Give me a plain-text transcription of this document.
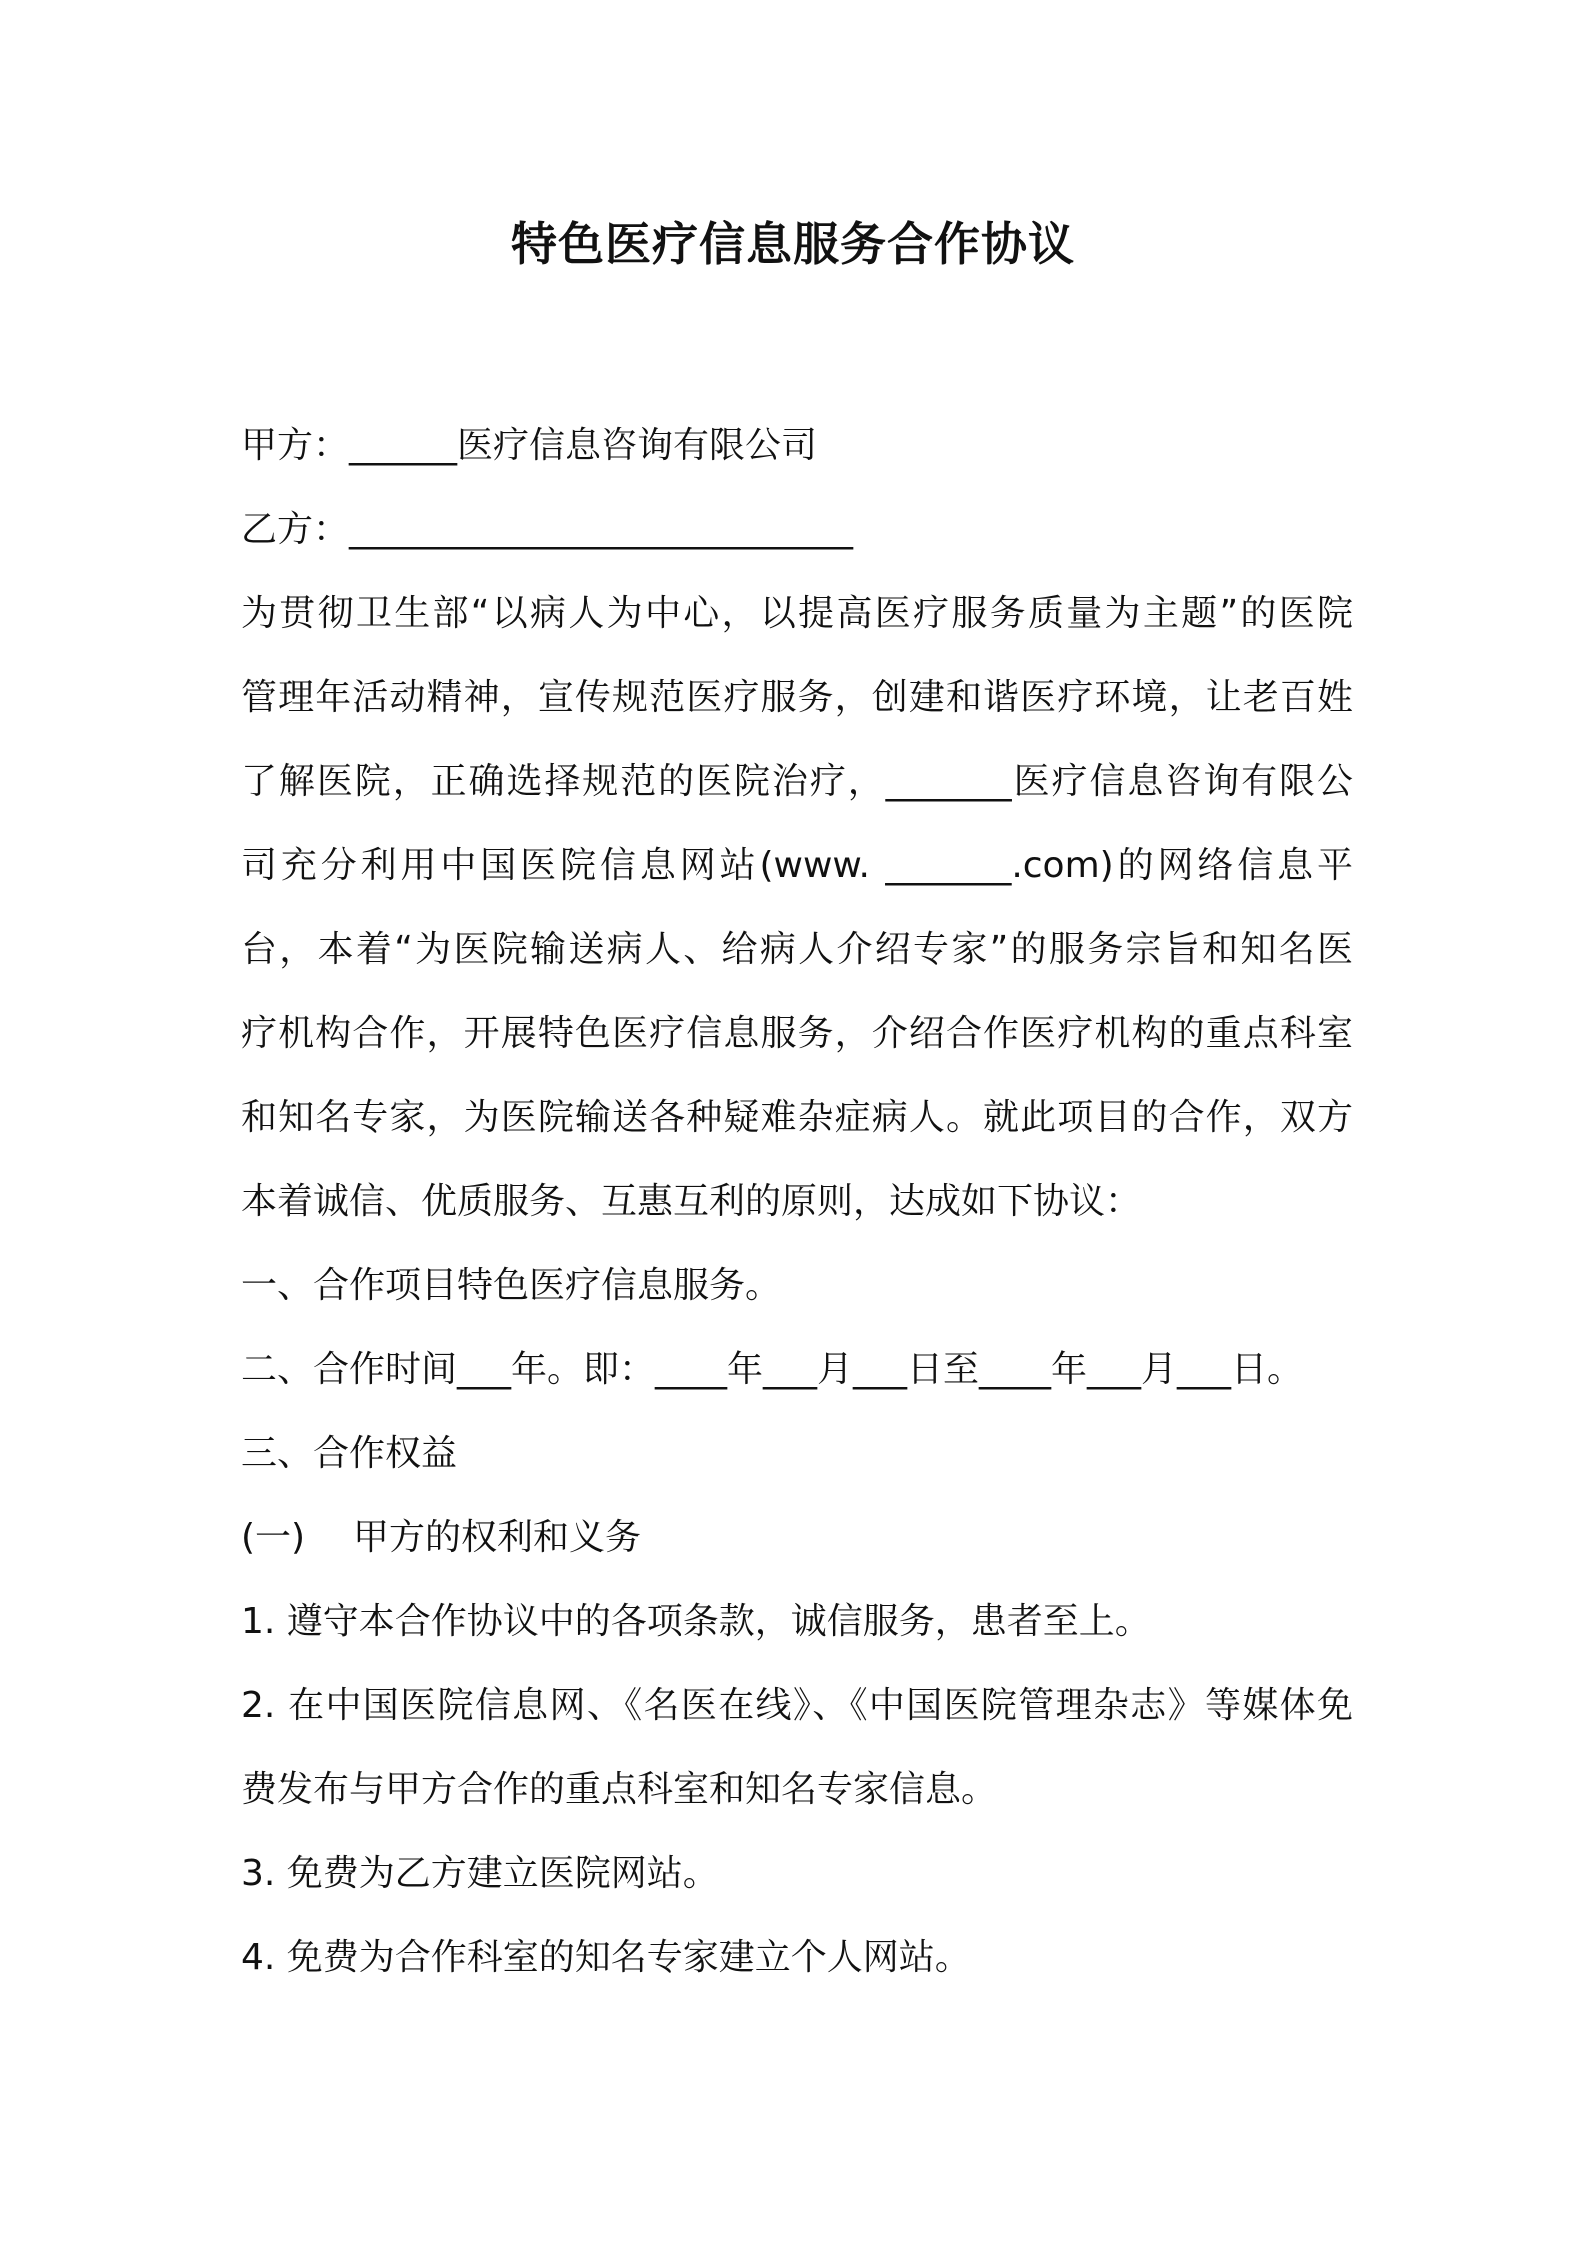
特色医疗信息服务合作协议
甲方：______医疗信息咨询有限公司
乙方：____________________________
为贯彻卫生部“以病人为中心，以提高医疗服务质量为主题”的医院
管理年活动精神，宣传规范医疗服务，创建和谐医疗环境，让老百姓
了解医院，正确选择规范的医院治疗，_______医疗信息咨询有限公
司充分利用中国医院信息网站(www. _______.com)的网络信息平
台，本着“为医院输送病人、给病人介绍专家”的服务宗旨和知名医
疗机构合作，开展特色医疗信息服务，介绍合作医疗机构的重点科室
和知名专家，为医院输送各种疑难杂症病人。就此项目的合作，双方
本着诚信、优质服务、互惠互利的原则，达成如下协议：
一、合作项目特色医疗信息服务。
二、合作时间___年。即：____年___月___日至____年___月___日。
三、合作权益
(一) 甲方的权利和义务
1. 遵守本合作协议中的各项条款，诚信服务，患者至上。
2. 在中国医院信息网、《名医在线》、《中国医院管理杂志》等媒体免
费发布与甲方合作的重点科室和知名专家信息。
3. 免费为乙方建立医院网站。
4. 免费为合作科室的知名专家建立个人网站。
